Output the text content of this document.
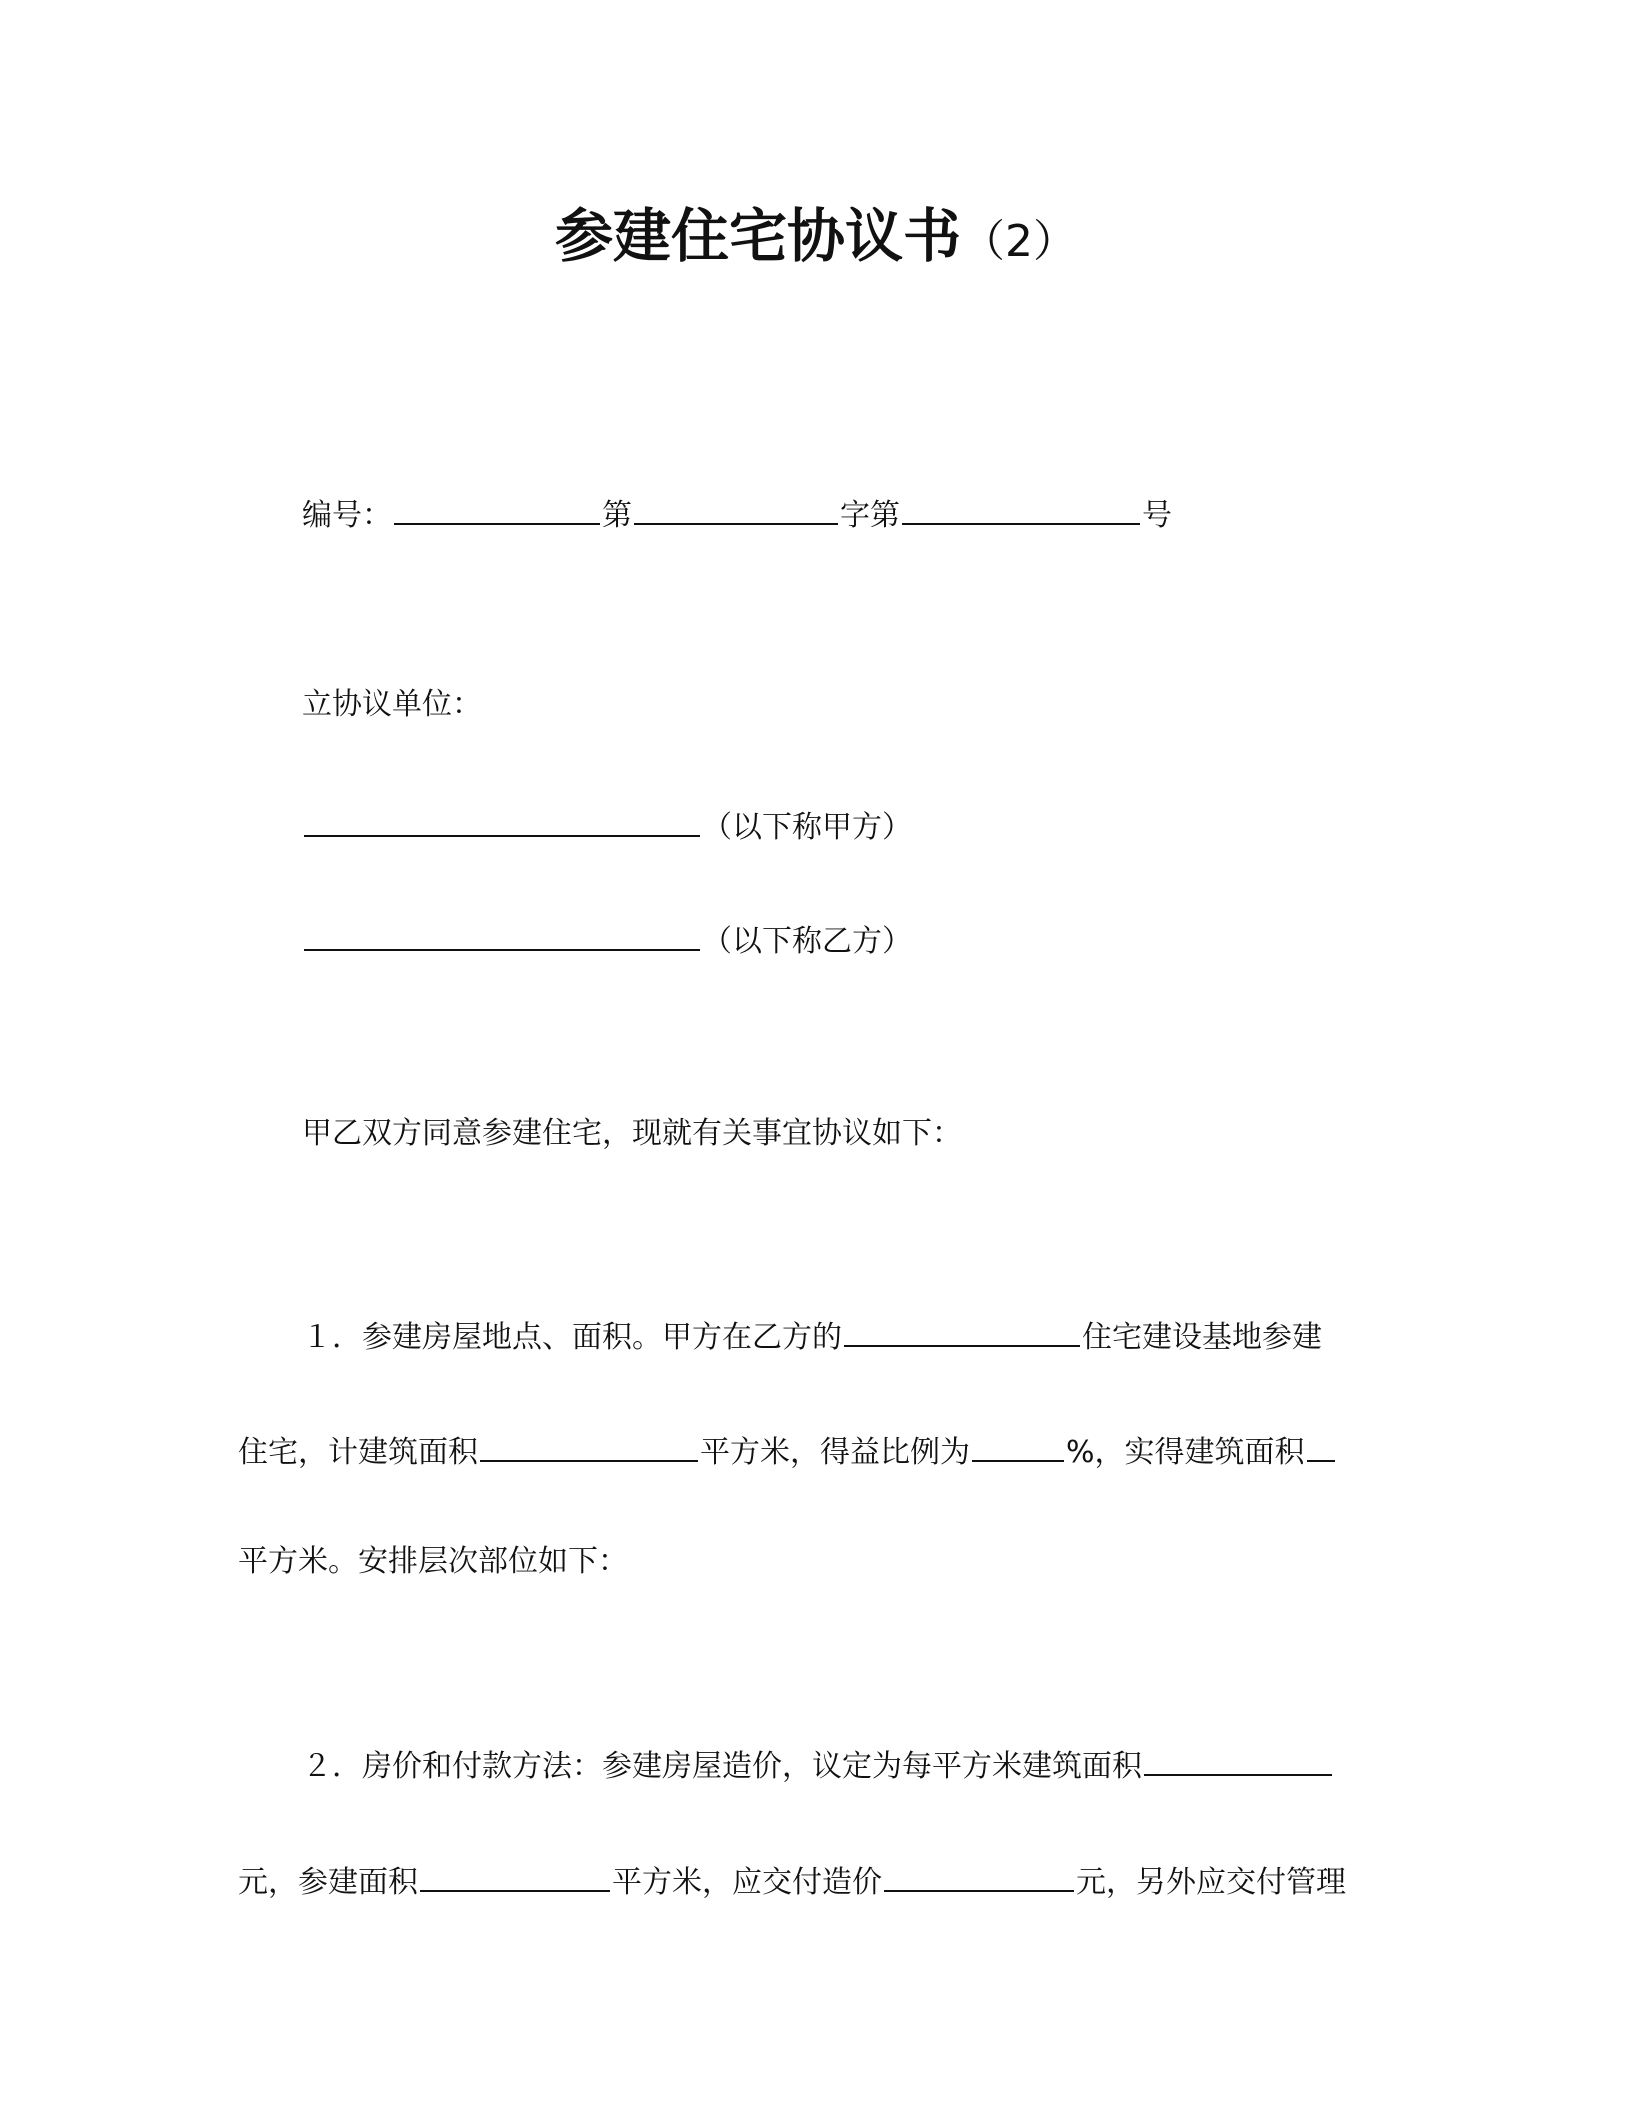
参建住宅协议书（2）
编号：	第	字第	号
立协议单位：
（以下称甲方）
（以下称乙方）
甲乙双方同意参建住宅，现就有关事宜协议如下：
１．参建房屋地点、面积。甲方在乙方的	住宅建设基地参建
住宅，计建筑面积	平方米，得益比例为	%，实得建筑面积
平方米。安排层次部位如下：
２．房价和付款方法：参建房屋造价，议定为每平方米建筑面积
元，参建面积	平方米，应交付造价	元，另外应交付管理
